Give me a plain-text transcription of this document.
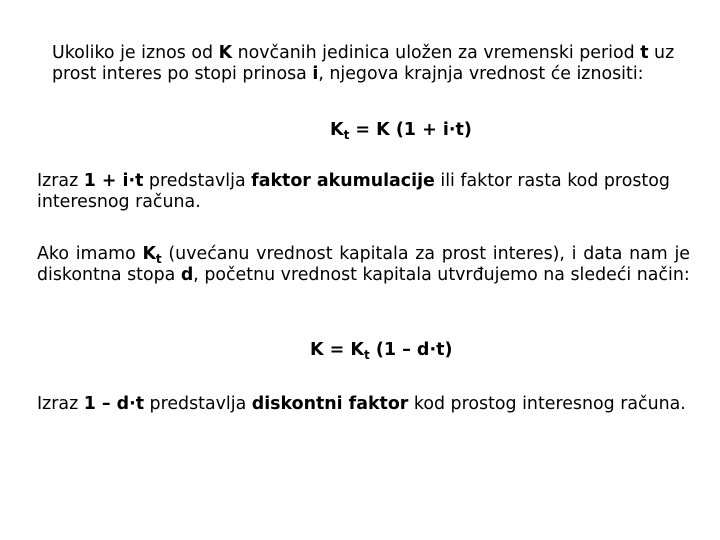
Ukoliko je iznos od K novčanih jedinica uložen za vremenski period t uz prost interes po stopi prinosa i, njegova krajnja vrednost će iznositi:

$K_t = K$ (1 + i·t)

Izraz 1 + i·t predstavlja faktor akumulacije ili faktor rasta kod prostog interesnog računa.

Ako imamo $K_t$ (uvećanu vrednost kapitala za prost interes), i data nam je diskontna stopa d, početnu vrednost kapitala utvrđujemo na sledeći način:

$K = K_t$ (1 – d·t)

Izraz 1 – d·t predstavlja diskontni faktor kod prostog interesnog računa.
